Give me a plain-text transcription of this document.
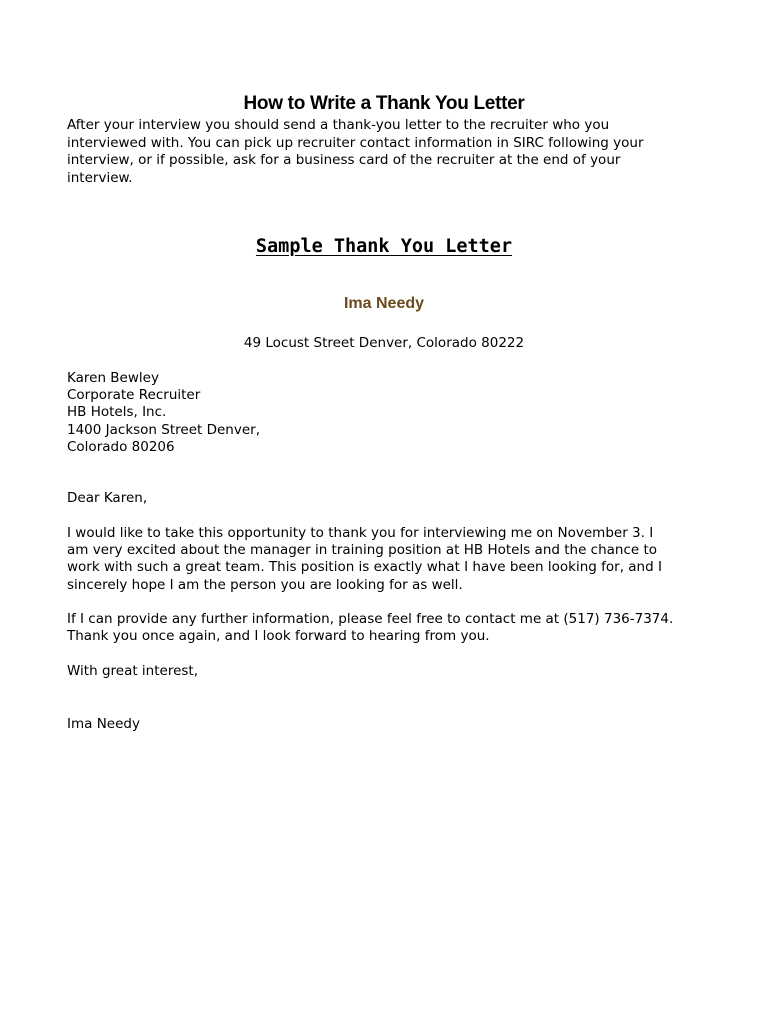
How to Write a Thank You Letter
After your interview you should send a thank-you letter to the recruiter who you
interviewed with. You can pick up recruiter contact information in SIRC following your
interview, or if possible, ask for a business card of the recruiter at the end of your
interview.
Sample Thank You Letter
Ima Needy
49 Locust Street Denver, Colorado 80222
Karen Bewley
Corporate Recruiter
HB Hotels, Inc.
1400 Jackson Street Denver,
Colorado 80206
Dear Karen,
I would like to take this opportunity to thank you for interviewing me on November 3. I
am very excited about the manager in training position at HB Hotels and the chance to
work with such a great team. This position is exactly what I have been looking for, and I
sincerely hope I am the person you are looking for as well.
If I can provide any further information, please feel free to contact me at (517) 736-7374.
Thank you once again, and I look forward to hearing from you.
With great interest,
Ima Needy
